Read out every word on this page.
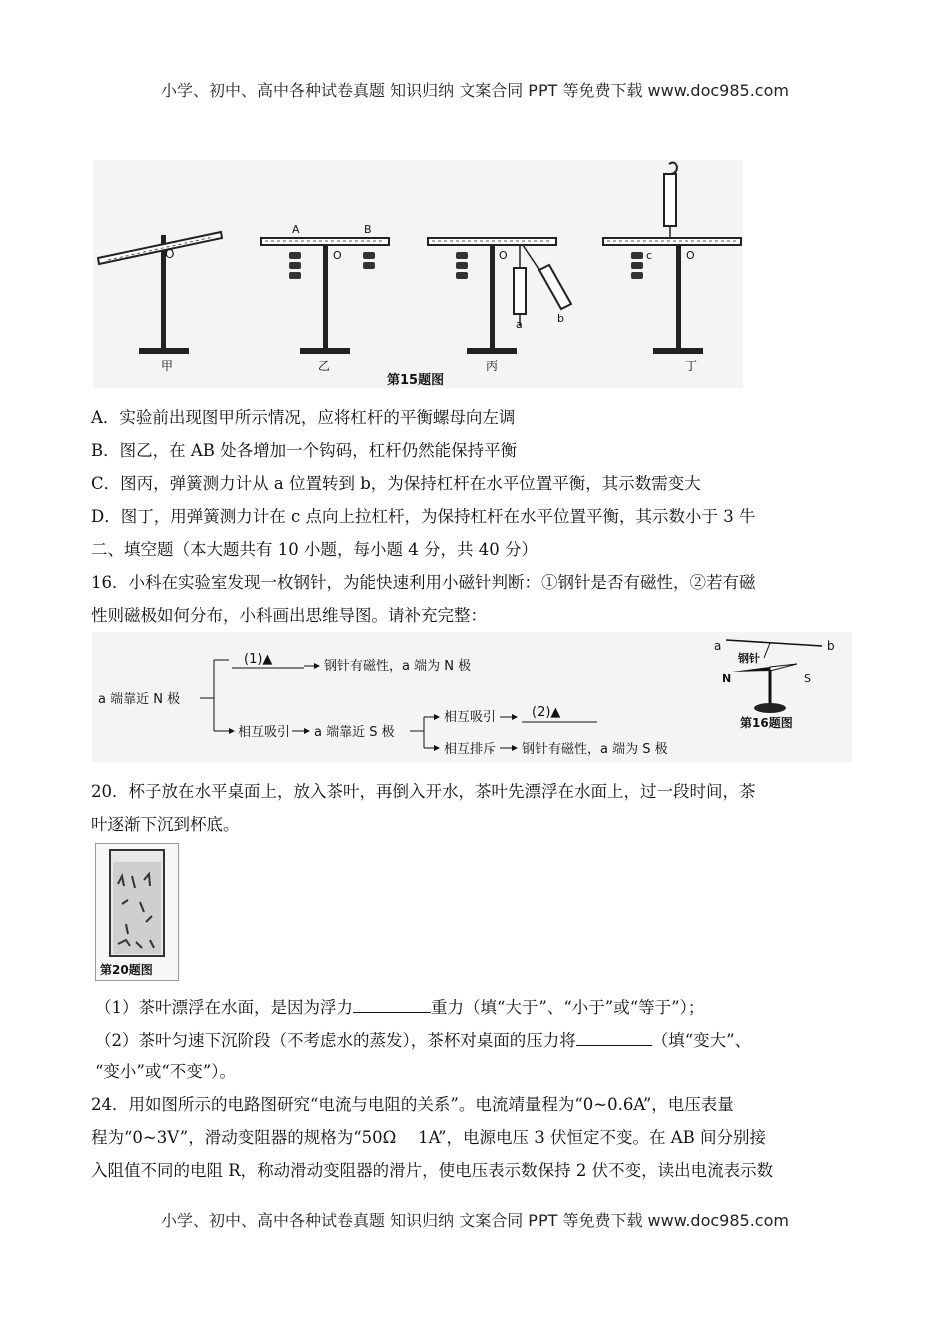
小学、初中、高中各种试卷真题 知识归纳 文案合同 PPT 等免费下载 www.doc985.com
O
A	B
O	O
a	b
O
c
甲	乙	丙	丁
第15题图
A．实验前出现图甲所示情况，应将杠杆的平衡螺母向左调
B．图乙，在 AB 处各增加一个钩码，杠杆仍然能保持平衡
C．图丙，弹簧测力计从 a 位置转到 b，为保持杠杆在水平位置平衡，其示数需变大
D．图丁，用弹簧测力计在 c 点向上拉杠杆，为保持杠杆在水平位置平衡，其示数小于 3 牛
二、填空题（本大题共有 10 小题，每小题 4 分，共 40 分）
16．小科在实验室发现一枚钢针，为能快速利用小磁针判断：①钢针是否有磁性，②若有磁
性则磁极如何分布，小科画出思维导图。请补充完整：
a 端靠近 N 极
(1)▲	钢针有磁性，a 端为 N 极
相互吸引 a 端靠近 S 极
相互吸引	(2)▲
相互排斥 钢针有磁性，a 端为 S 极
a	b
钢针
N	S
第16题图
20．杯子放在水平桌面上，放入茶叶，再倒入开水，茶叶先漂浮在水面上，过一段时间，茶
叶逐渐下沉到杯底。
第20题图
（1）茶叶漂浮在水面，是因为浮力	重力（填“大于”、“小于”或“等于”）；
（2）茶叶匀速下沉阶段（不考虑水的蒸发），茶杯对桌面的压力将	（填“变大”、
“变小”或“不变”）。
24．用如图所示的电路图研究“电流与电阻的关系”。电流靖量程为“0~0.6A”，电压表量
程为“0~3V”，滑动变阻器的规格为“50Ω　 1A”，电源电压 3 伏恒定不变。在 AB 间分别接
入阻值不同的电阻 R，称动滑动变阻器的滑片，使电压表示数保持 2 伏不变，读出电流表示数
小学、初中、高中各种试卷真题 知识归纳 文案合同 PPT 等免费下载 www.doc985.com
